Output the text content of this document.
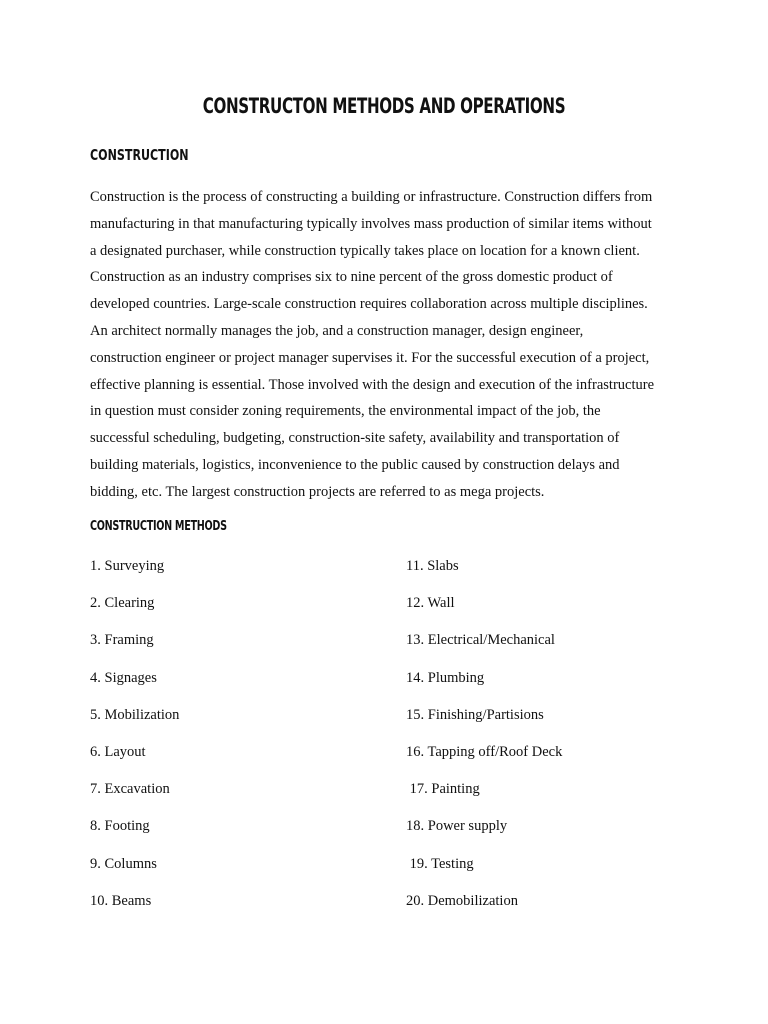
CONSTRUCTON METHODS AND OPERATIONS
CONSTRUCTION

Construction is the process of constructing a building or infrastructure. Construction differs from
manufacturing in that manufacturing typically involves mass production of similar items without
a designated purchaser, while construction typically takes place on location for a known client.
Construction as an industry comprises six to nine percent of the gross domestic product of
developed countries. Large-scale construction requires collaboration across multiple disciplines.
An architect normally manages the job, and a construction manager, design engineer,
construction engineer or project manager supervises it. For the successful execution of a project,
effective planning is essential. Those involved with the design and execution of the infrastructure
in question must consider zoning requirements, the environmental impact of the job, the
successful scheduling, budgeting, construction-site safety, availability and transportation of
building materials, logistics, inconvenience to the public caused by construction delays and
bidding, etc. The largest construction projects are referred to as mega projects.

CONSTRUCTION METHODS
1. Surveying
2. Clearing
3. Framing
4. Signages
5. Mobilization
6. Layout
7. Excavation
8. Footing
9. Columns
10. Beams
11. Slabs
12. Wall
13. Electrical/Mechanical
14. Plumbing
15. Finishing/Partisions
16. Tapping off/Roof Deck
17. Painting
18. Power supply
19. Testing
20. Demobilization
